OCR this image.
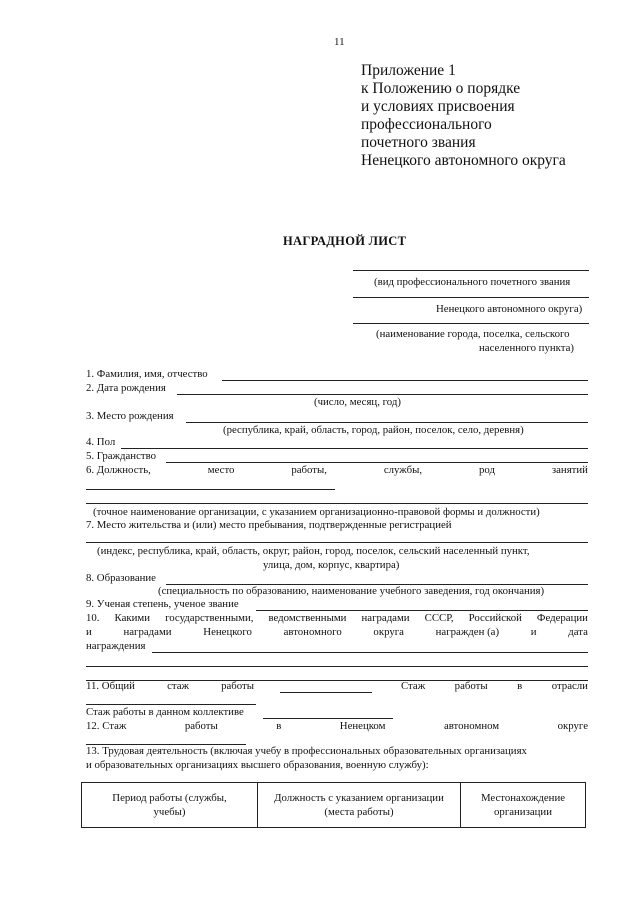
11
Приложение 1
к Положению о порядке
и условиях присвоения
профессионального
почетного звания
Ненецкого автономного округа
НАГРАДНОЙ ЛИСТ
(вид профессионального почетного звания
Ненецкого автономного округа)
(наименование города, поселка, сельского
населенного пункта)
1. Фамилия, имя, отчество
2. Дата рождения
(число, месяц, год)
3. Место рождения
(республика, край, область, город, район, поселок, село, деревня)
4. Пол
5. Гражданство
6. Должность,	место	работы,	службы,	род	занятий
(точное наименование организации, с указанием организационно-правовой формы и должности)
7. Место жительства и (или) место пребывания, подтвержденные регистрацией
(индекс, республика, край, область, округ, район, город, поселок, сельский населенный пункт,
улица, дом, корпус, квартира)
8. Образование
(специальность по образованию, наименование учебного заведения, год окончания)
9. Ученая степень, ученое звание
10. Какими государственными, ведомственными наградами СССР, Российской Федерации
и	наградами	Ненецкого	автономного	округа	награжден (а)	и	дата
награждения
11. Общий	стаж	работы	Стаж	работы	в	отрасли
Стаж работы в данном коллективе
12. Стаж	работы	в	Ненецком	автономном	округе
13. Трудовая деятельность (включая учебу в профессиональных образовательных организациях
и образовательных организациях высшего образования, военную службу):
Период работы (службы,
учебы)

Должность с указанием организации
(места работы)

Местонахождение
организации
